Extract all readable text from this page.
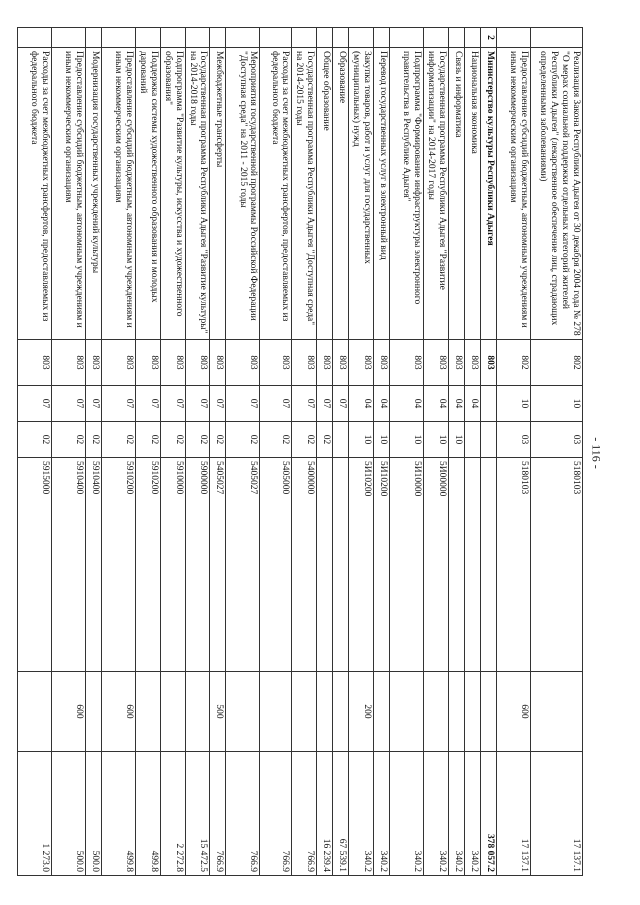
- 116 -
	Реализация Закона Республики Адыгея от 30 декабря 2004 года № 278 "О мерах социальной поддержки отдельных категорий жителей Республики Адыгея" (лекарственное обеспечение лиц, страдающих определенными заболеваниями)	802	10	03	5180103		17 137.1
	Предоставление субсидий бюджетным, автономным учреждениям и иным некоммерческим организациям	802	10	03	5180103	600	17 137.1
2	Министерство культуры Республики Адыгея	803					378 057.2
	Национальная экономика	803	04				340.2
	Связь и информатика	803	04	10			340.2
	Государственная программа Республики Адыгея "Развитие информатизации" на 2014-2017 годы	803	04	10	5И00000		340.2
	Подпрограмма "Формирование инфраструктуры электронного правительства в Республике Адыгея"	803	04	10	5И10000		340.2
	Перевод государственных услуг в электронный вид	803	04	10	5И10200		340.2
	Закупка товаров, работ и услуг для государственных (муниципальных) нужд	803	04	10	5И10200	200	340.2
	Образование	803	07				67 539.1
	Общее образование	803	07	02			16 239.4
	Государственная программа Республики Адыгея "Доступная среда" на 2014-2015 годы	803	07	02	5400000		766.9
	Расходы за счет межбюджетных трансфертов, предоставляемых из федерального бюджета	803	07	02	5405000		766.9
	Мероприятия государственной программы Российской Федерации "Доступная среда" на 2011 - 2015 годы	803	07	02	5405027		766.9
	Межбюджетные трансферты	803	07	02	5405027	500	766.9
	Государственная программа Республики Адыгея "Развитие культуры" на 2014-2018 годы	803	07	02	5900000		15 472.5
	Подпрограмма "Развитие культуры, искусства и художественного образования"	803	07	02	5910000		2 272.8
	Поддержка системы художественного образования и молодых дарований	803	07	02	5910200		499.8
	Предоставление субсидий бюджетным, автономным учреждениям и иным некоммерческим организациям	803	07	02	5910200	600	499.8
	Модернизация государственных учреждений культуры	803	07	02	5910400		500.0
	Предоставление субсидий бюджетным, автономным учреждениям и иным некоммерческим организациям	803	07	02	5910400	600	500.0
	Расходы за счет межбюджетных трансфертов, предоставляемых из федерального бюджета	803	07	02	5915000		1 273.0
